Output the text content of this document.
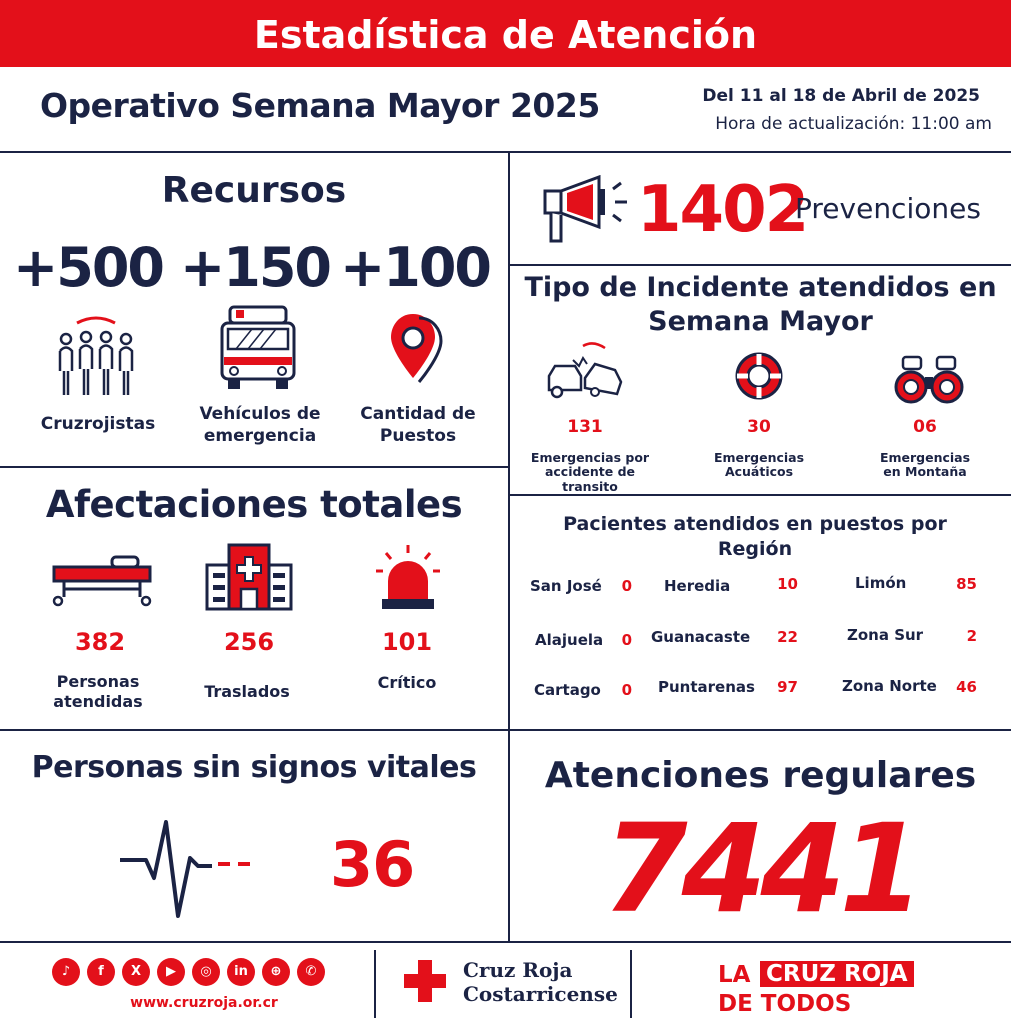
Estadística de Atención
Operativo Semana Mayor 2025	Del 11 al 18 de Abril de 2025
Hora de actualización: 11:00 am
Recursos
+500 +150 +100
Cruzrojistas	Vehículos de
emergencia
Cantidad de
Puestos
1402
Prevenciones
Tipo de Incidente atendidos en
Semana Mayor
131	30	06
Emergencias por
accidente de transito
Emergencias
Acuáticos
Emergencias
en Montaña
Afectaciones totales
382	256	101
Personas
atendidas
Traslados	Crítico
Pacientes atendidos en puestos por
Región
San José	0 Heredia	10	Limón	85
Alajuela	0 Guanacaste	22	Zona Sur	2
Cartago	0 Puntarenas	97	Zona Norte	46
Personas sin signos vitales
36
Atenciones regulares
7441
♪	f	X	▶	◎	in	⊕	✆
www.cruzroja.or.cr
Cruz Roja
Costarricense
LA CRUZ ROJA
DE TODOS
